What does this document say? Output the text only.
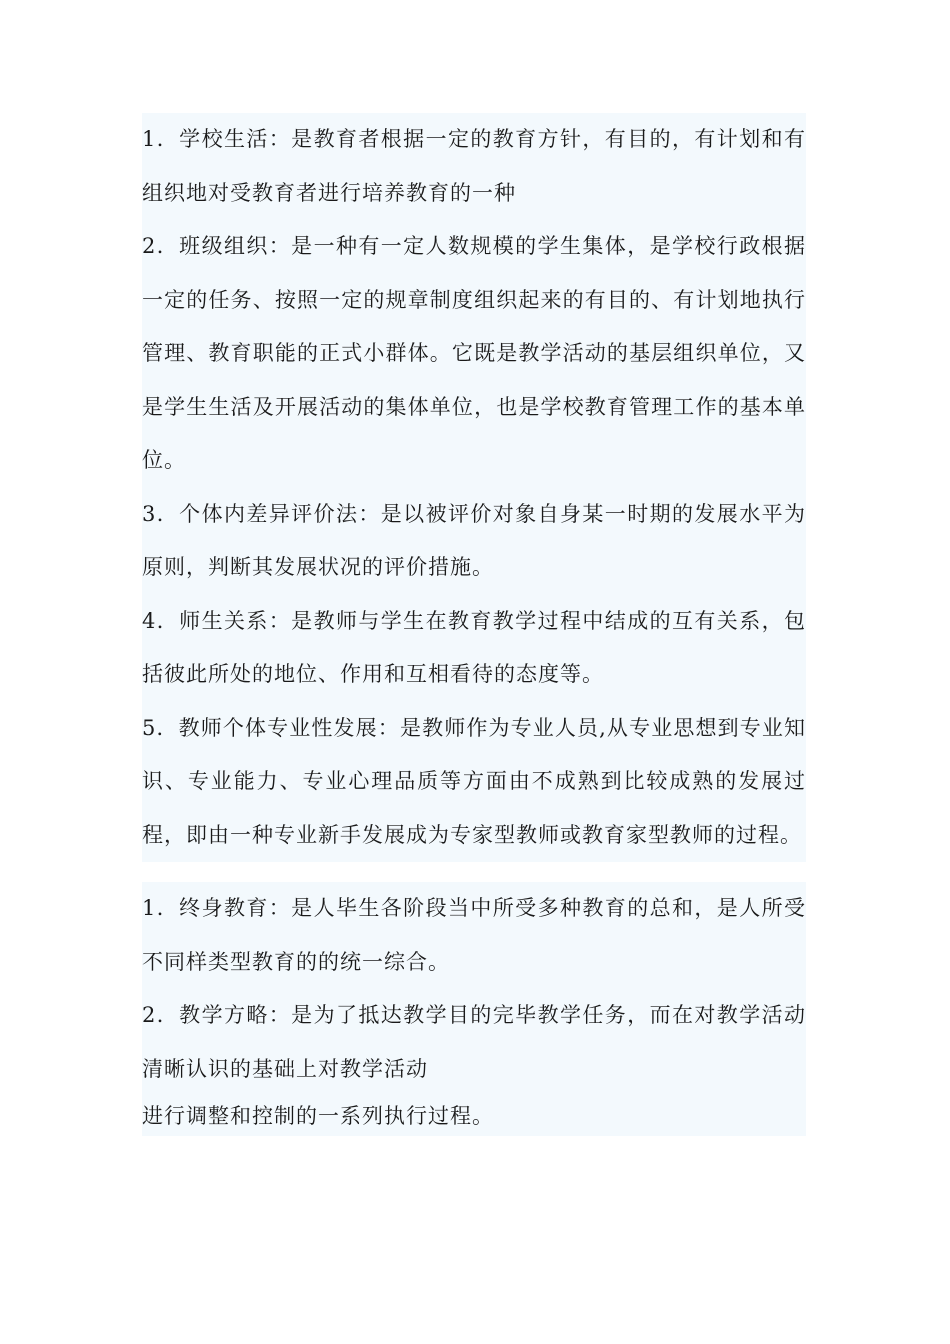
1．学校生活：是教育者根据一定的教育方针，有目的，有计划和有组织地对受教育者进行培养教育的一种

2．班级组织：是一种有一定人数规模的学生集体，是学校行政根据一定的任务、按照一定的规章制度组织起来的有目的、有计划地执行管理、教育职能的正式小群体。它既是教学活动的基层组织单位，又是学生生活及开展活动的集体单位，也是学校教育管理工作的基本单位。

3．个体内差异评价法：是以被评价对象自身某一时期的发展水平为原则，判断其发展状况的评价措施。

4．师生关系：是教师与学生在教育教学过程中结成的互有关系，包括彼此所处的地位、作用和互相看待的态度等。

5．教师个体专业性发展：是教师作为专业人员,从专业思想到专业知识、专业能力、专业心理品质等方面由不成熟到比较成熟的发展过程，即由一种专业新手发展成为专家型教师或教育家型教师的过程。

1．终身教育：是人毕生各阶段当中所受多种教育的总和，是人所受不同样类型教育的的统一综合。

2．教学方略：是为了抵达教学目的完毕教学任务，而在对教学活动清晰认识的基础上对教学活动

进行调整和控制的一系列执行过程。
